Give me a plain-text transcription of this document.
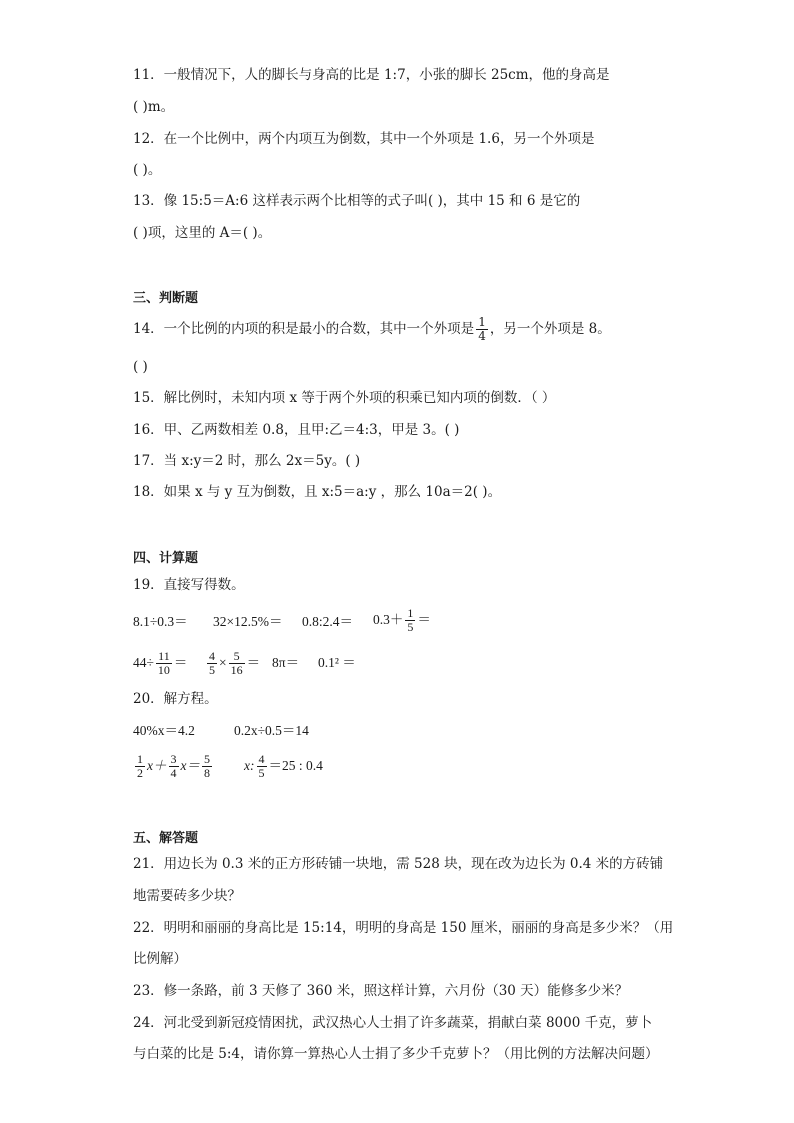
11．一般情况下，人的脚长与身高的比是 1:7，小张的脚长 25cm，他的身高是
( )m。
12．在一个比例中，两个内项互为倒数，其中一个外项是 1.6，另一个外项是
( )。
13．像 15:5＝A:6 这样表示两个比相等的式子叫( )，其中 15 和 6 是它的
( )项，这里的 A＝( )。
三、判断题
14．一个比例的内项的积是最小的合数，其中一个外项是 $\frac{1}{4}$ ，另一个外项是 8。
( )
15．解比例时，未知内项 x 等于两个外项的积乘已知内项的倒数．（ ）
16．甲、乙两数相差 0.8，且甲:乙＝4:3，甲是 3。( )
17．当 x:y＝2 时，那么 2x＝5y。( )
18．如果 x 与 y 互为倒数，且 x:5＝a:y ，那么 10a＝2( )。
四、计算题
19．直接写得数。
8.1÷0.3＝ 32×12.5%＝ 0.8:2.4＝ $0.3+ \frac{1}{5}$ ＝
$44\div \frac{11}{10} = \frac{4}{5} \times \frac{5}{16} = 8\pi= 0.1^2$ ＝
20．解方程。
40%x＝4.2	0.2x÷0.5＝14
$\frac{1}{2} x+ \frac{3}{4} x= \frac{5}{8} x$: $\frac{4}{5} =25$ : 0.4
五、解答题
21．用边长为 0.3 米的正方形砖铺一块地，需 528 块，现在改为边长为 0.4 米的方砖铺
地需要砖多少块？
22．明明和丽丽的身高比是 15:14，明明的身高是 150 厘米，丽丽的身高是多少米？（用
比例解）
23．修一条路，前 3 天修了 360 米，照这样计算，六月份（30 天）能修多少米？
24．河北受到新冠疫情困扰，武汉热心人士捐了许多蔬菜，捐献白菜 8000 千克，萝卜
与白菜的比是 5:4，请你算一算热心人士捐了多少千克萝卜？（用比例的方法解决问题）
